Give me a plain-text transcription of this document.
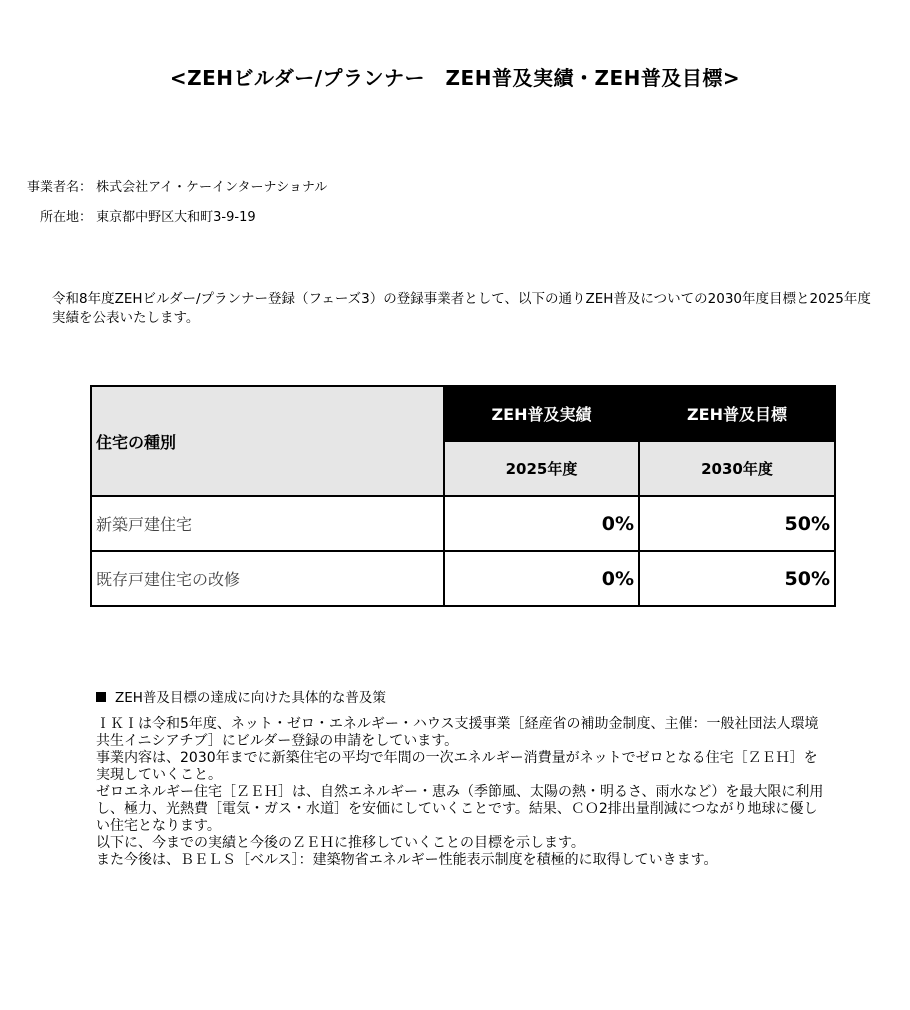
<ZEHビルダー/プランナー　ZEH普及実績・ZEH普及目標>
事業者名： 株式会社アイ・ケーインターナショナル
所在地： 東京都中野区大和町3-9-19
令和8年度ZEHビルダー/プランナー登録（フェーズ3）の登録事業者として、以下の通りZEH普及についての2030年度目標と2025年度実績を公表いたします。
住宅の種別	ZEH普及実績	ZEH普及目標
	2025年度	2030年度
新築戸建住宅	0%	50%
既存戸建住宅の改修	0%	50%
ZEH普及目標の達成に向けた具体的な普及策

ＩＫＩは令和5年度、ネット・ゼロ・エネルギー・ハウス支援事業［経産省の補助金制度、主催：一般社団法人環境共生イニシアチブ］にビルダー登録の申請をしています。

事業内容は、2030年までに新築住宅の平均で年間の一次エネルギー消費量がネットでゼロとなる住宅［ＺＥＨ］を実現していくこと。

ゼロエネルギー住宅［ＺＥＨ］は、自然エネルギー・恵み（季節風、太陽の熱・明るさ、雨水など）を最大限に利用し、極力、光熱費［電気・ガス・水道］を安価にしていくことです。結果、ＣＯ2排出量削減につながり地球に優しい住宅となります。

以下に、今までの実績と今後のＺＥＨに推移していくことの目標を示します。

また今後は、ＢＥＬＳ［ベルス］：建築物省エネルギー性能表示制度を積極的に取得していきます。
